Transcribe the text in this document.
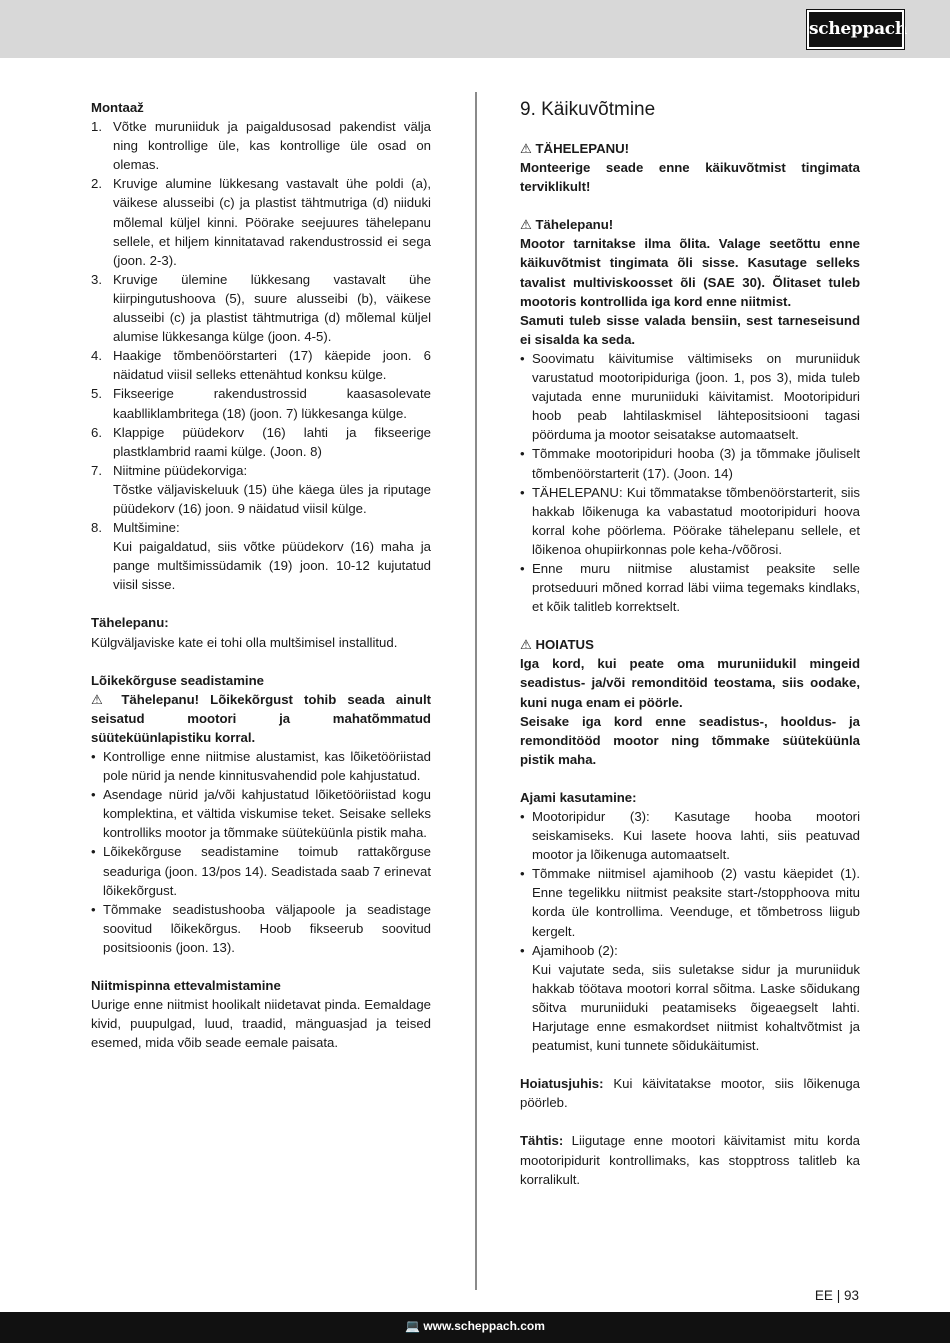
scheppach

Montaaž

1. Võtke muruniiduk ja paigaldusosad pakendist välja ning kontrollige üle, kas kontrollige üle osad on olemas.
2. Kruvige alumine lükkesang vastavalt ühe poldi (a), väikese alusseibi (c) ja plastist tähtmutriga (d) niiduki mõlemal küljel kinni. Pöörake seejuures tähelepanu sellele, et hiljem kinnitatavad rakendustrossid ei sega (joon. 2-3).
3. Kruvige ülemine lükkesang vastavalt ühe kiirpingutushoova (5), suure alusseibi (b), väikese alusseibi (c) ja plastist tähtmutriga (d) mõlemal küljel alumise lükkesanga külge (joon. 4-5).
4. Haakige tõmbenöörstarteri (17) käepide joon. 6 näidatud viisil selleks ettenähtud konksu külge.
5. Fikseerige rakendustrossid kaasasolevate kaablliklambritega (18) (joon. 7) lükkesanga külge.
6. Klappige püüdekorv (16) lahti ja fikseerige plastklambrid raami külge. (Joon. 8)
7. Niitmine püüdekorviga:
Tõstke väljaviskeluuk (15) ühe käega üles ja riputage püüdekorv (16) joon. 9 näidatud viisil külge.
8. Multšimine:
Kui paigaldatud, siis võtke püüdekorv (16) maha ja pange multšimissüdamik (19) joon. 10-12 kujutatud viisil sisse.

Tähelepanu:

Külgväljaviske kate ei tohi olla multšimisel installitud.

Lõikekõrguse seadistamine

⚠ Tähelepanu! Lõikekõrgust tohib seada ainult seisatud mootori ja mahatõmmatud süüteküünlapistiku korral.

• Kontrollige enne niitmise alustamist, kas lõiketööriistad pole nürid ja nende kinnitusvahendid pole kahjustatud.
• Asendage nürid ja/või kahjustatud lõiketööriistad kogu komplektina, et vältida viskumise teket. Seisake selleks kontrolliks mootor ja tõmmake süüteküünla pistik maha.
• Lõikekõrguse seadistamine toimub rattakõrguse seaduriga (joon. 13/pos 14). Seadistada saab 7 erinevat lõikekõrgust.
• Tõmmake seadistushooba väljapoole ja seadistage soovitud lõikekõrgus. Hoob fikseerub soovitud positsioonis (joon. 13).

Niitmispinna ettevalmistamine

Uurige enne niitmist hoolikalt niidetavat pinda. Eemaldage kivid, puupulgad, luud, traadid, mänguasjad ja teised esemed, mida võib seade eemale paisata.

9. Käikuvõtmine

⚠ TÄHELEPANU!

Monteerige seade enne käikuvõtmist tingimata terviklikult!

⚠ Tähelepanu!

Mootor tarnitakse ilma õlita. Valage seetõttu enne käikuvõtmist tingimata õli sisse. Kasutage selleks tavalist multiviskoosset õli (SAE 30). Õlitaset tuleb mootoris kontrollida iga kord enne niitmist.

Samuti tuleb sisse valada bensiin, sest tarneseisund ei sisalda ka seda.

• Soovimatu käivitumise vältimiseks on muruniiduk varustatud mootoripiduriga (joon. 1, pos 3), mida tuleb vajutada enne muruniiduki käivitamist. Mootoripiduri hoob peab lahtilaskmisel lähtepositsiooni tagasi pöörduma ja mootor seisatakse automaatselt.
• Tõmmake mootoripiduri hooba (3) ja tõmmake jõuliselt tõmbenöörstarterit (17). (Joon. 14)
• TÄHELEPANU: Kui tõmmatakse tõmbenöörstarterit, siis hakkab lõikenuga ka vabastatud mootoripiduri hoova korral kohe pöörlema. Pöörake tähelepanu sellele, et lõikenoa ohupiirkonnas pole keha-/võõrosi.
• Enne muru niitmise alustamist peaksite selle protseduuri mõned korrad läbi viima tegemaks kindlaks, et kõik talitleb korrektselt.

⚠ HOIATUS

Iga kord, kui peate oma muruniidukil mingeid seadistus- ja/või remonditöid teostama, siis oodake, kuni nuga enam ei pöörle.

Seisake iga kord enne seadistus-, hooldus- ja remonditööd mootor ning tõmmake süüteküünla pistik maha.

Ajami kasutamine:

• Mootoripidur (3): Kasutage hooba mootori seiskamiseks. Kui lasete hoova lahti, siis peatuvad mootor ja lõikenuga automaatselt.
• Tõmmake niitmisel ajamihoob (2) vastu käepidet (1). Enne tegelikku niitmist peaksite start-/stopphoova mitu korda üle kontrollima. Veenduge, et tõmbetross liigub kergelt.
• Ajamihoob (2):
Kui vajutate seda, siis suletakse sidur ja muruniiduk hakkab töötava mootori korral sõitma. Laske sõidukang sõitva muruniiduki peatamiseks õigeaegselt lahti. Harjutage enne esmakordset niitmist kohaltvõtmist ja peatumist, kuni tunnete sõidukäitumist.

Hoiatusjuhis: Kui käivitatakse mootor, siis lõikenuga pöörleb.

Tähtis: Liigutage enne mootori käivitamist mitu korda mootoripidurit kontrollimaks, kas stopptross talitleb ka korralikult.

EE | 93
💻 www.scheppach.com
